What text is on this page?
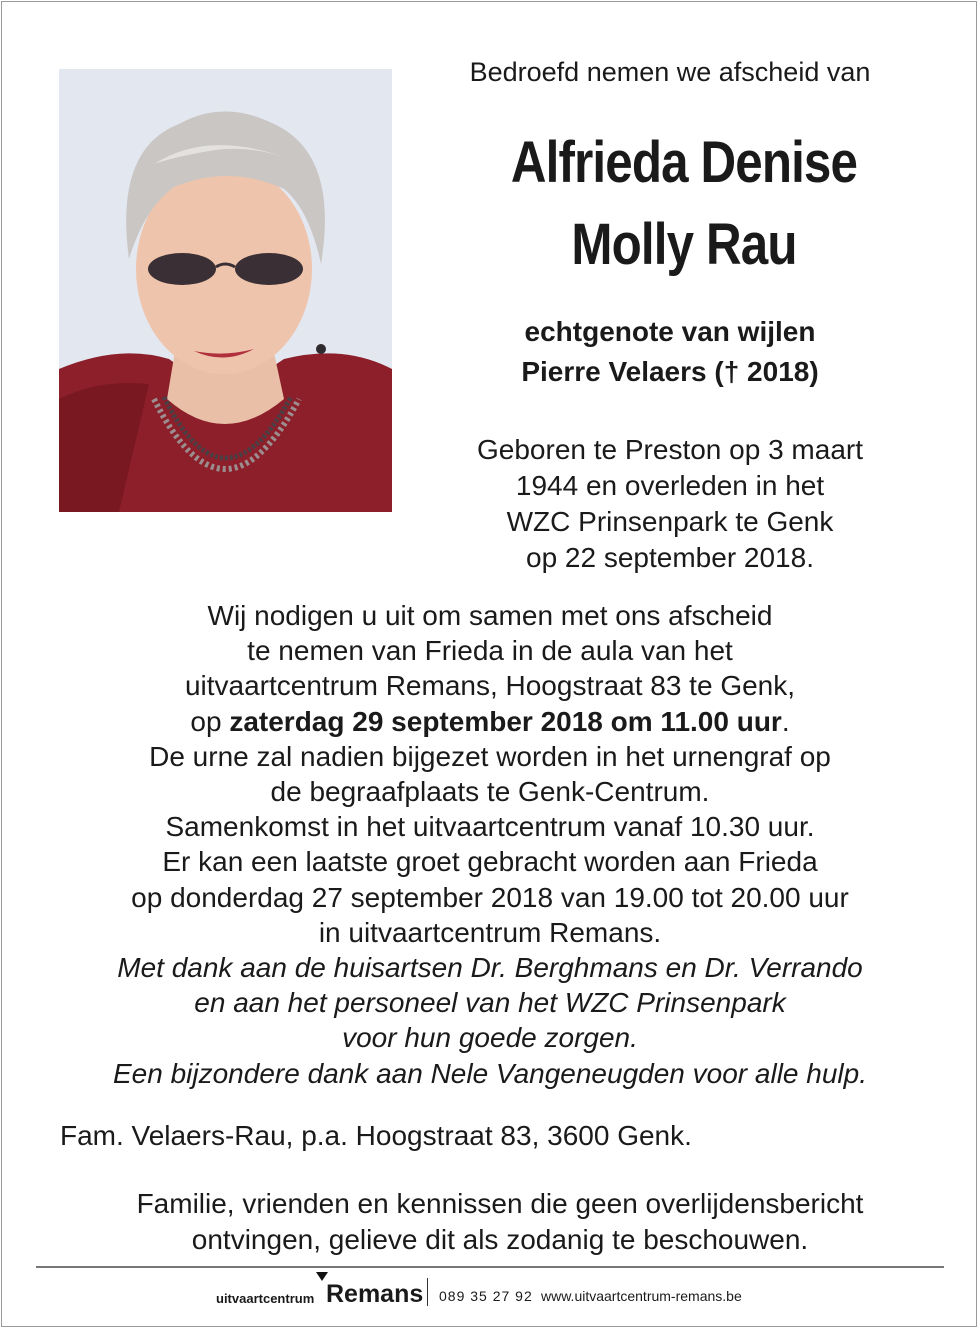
Bedroefd nemen we afscheid van
Alfrieda Denise
Molly Rau
echtgenote van wijlen
Pierre Velaers († 2018)
Geboren te Preston op 3 maart
1944 en overleden in het
WZC Prinsenpark te Genk
op 22 september 2018.
Wij nodigen u uit om samen met ons afscheid
te nemen van Frieda in de aula van het
uitvaartcentrum Remans, Hoogstraat 83 te Genk,
op zaterdag 29 september 2018 om 11.00 uur.
De urne zal nadien bijgezet worden in het urnengraf op
de begraafplaats te Genk-Centrum.
Samenkomst in het uitvaartcentrum vanaf 10.30 uur.
Er kan een laatste groet gebracht worden aan Frieda
op donderdag 27 september 2018 van 19.00 tot 20.00 uur
in uitvaartcentrum Remans.
Met dank aan de huisartsen Dr. Berghmans en Dr. Verrando
en aan het personeel van het WZC Prinsenpark
voor hun goede zorgen.
Een bijzondere dank aan Nele Vangeneugden voor alle hulp.
Fam. Velaers-Rau, p.a. Hoogstraat 83, 3600 Genk.
Familie, vrienden en kennissen die geen overlijdensbericht
ontvingen, gelieve dit als zodanig te beschouwen.
uitvaartcentrum Remans 089 35 27 92 www.uitvaartcentrum-remans.be
